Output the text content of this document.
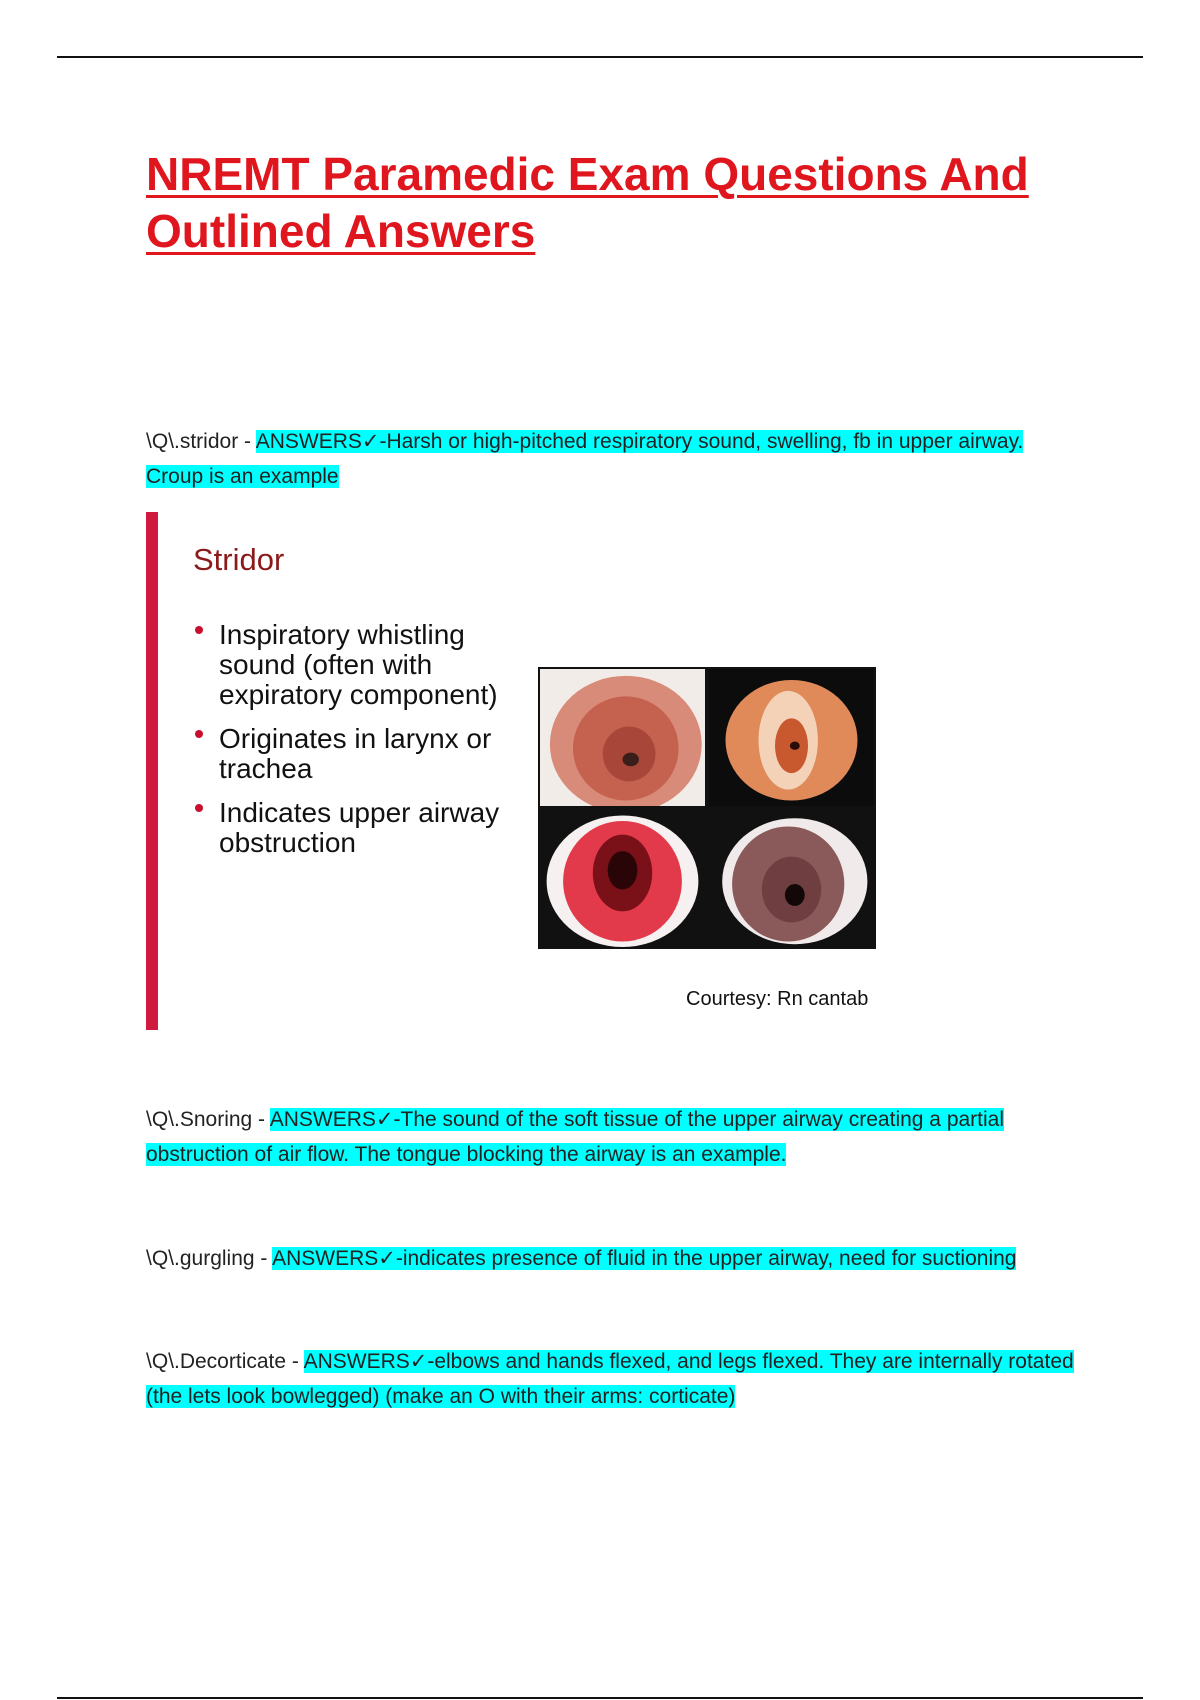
NREMT Paramedic Exam Questions And Outlined Answers

\Q\.stridor - ANSWERS✓-Harsh or high-pitched respiratory sound, swelling, fb in upper airway. Croup is an example

Stridor
Inspiratory whistling sound (often with expiratory component)
Originates in larynx or trachea
Indicates upper airway obstruction
Courtesy: Rn cantab

\Q\.Snoring - ANSWERS✓-The sound of the soft tissue of the upper airway creating a partial obstruction of air flow. The tongue blocking the airway is an example.

\Q\.gurgling - ANSWERS✓-indicates presence of fluid in the upper airway, need for suctioning

\Q\.Decorticate - ANSWERS✓-elbows and hands flexed, and legs flexed. They are internally rotated (the lets look bowlegged) (make an O with their arms: corticate)
